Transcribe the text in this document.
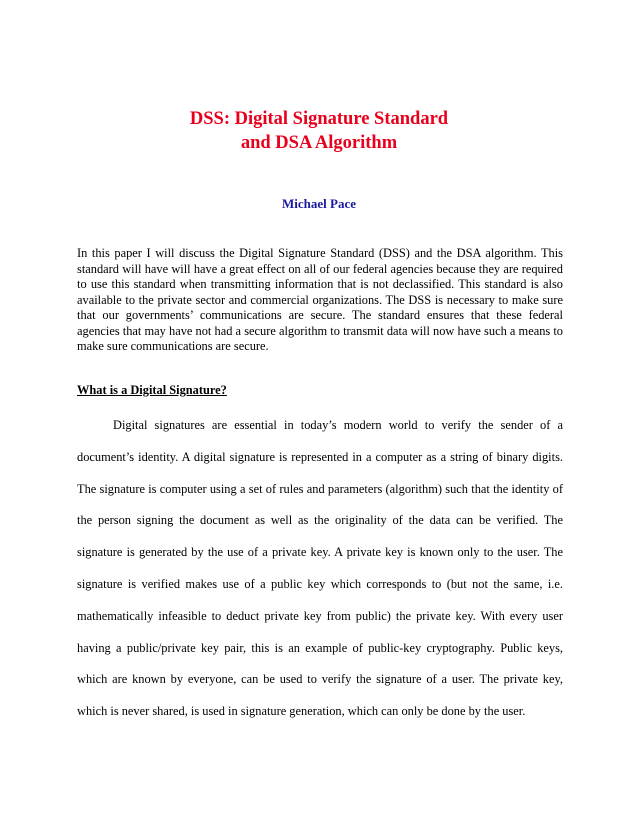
DSS: Digital Signature Standard
and DSA Algorithm
Michael Pace

In this paper I will discuss the Digital Signature Standard (DSS) and the DSA algorithm. This standard will have will have a great effect on all of our federal agencies because they are required to use this standard when transmitting information that is not declassified. This standard is also available to the private sector and commercial organizations. The DSS is necessary to make sure that our governments’ communications are secure. The standard ensures that these federal agencies that may have not had a secure algorithm to transmit data will now have such a means to make sure communications are secure.

What is a Digital Signature?

Digital signatures are essential in today’s modern world to verify the sender of a document’s identity. A digital signature is represented in a computer as a string of binary digits. The signature is computer using a set of rules and parameters (algorithm) such that the identity of the person signing the document as well as the originality of the data can be verified. The signature is generated by the use of a private key. A private key is known only to the user. The signature is verified makes use of a public key which corresponds to (but not the same, i.e. mathematically infeasible to deduct private key from public) the private key. With every user having a public/private key pair, this is an example of public-key cryptography. Public keys, which are known by everyone, can be used to verify the signature of a user. The private key, which is never shared, is used in signature generation, which can only be done by the user.
